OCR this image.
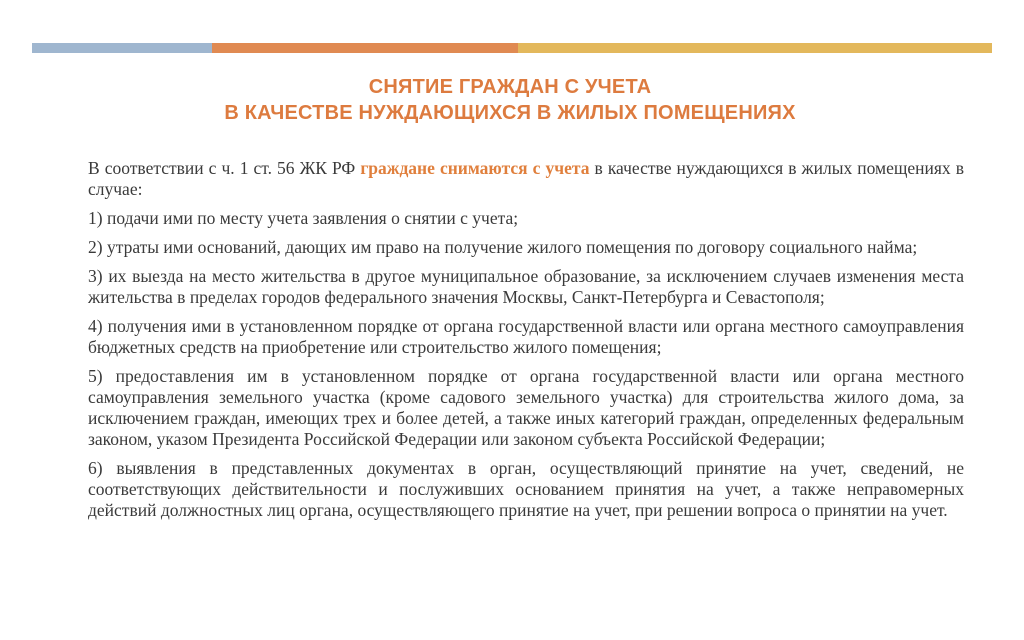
СНЯТИЕ ГРАЖДАН С УЧЕТА
В КАЧЕСТВЕ НУЖДАЮЩИХСЯ В ЖИЛЫХ ПОМЕЩЕНИЯХ

В соответствии с ч. 1 ст. 56 ЖК РФ граждане снимаются с учета в качестве нуждающихся в жилых помещениях в случае:

1) подачи ими по месту учета заявления о снятии с учета;

2) утраты ими оснований, дающих им право на получение жилого помещения по договору социального найма;

3) их выезда на место жительства в другое муниципальное образование, за исключением случаев изменения места жительства в пределах городов федерального значения Москвы, Санкт-Петербурга и Севастополя;

4) получения ими в установленном порядке от органа государственной власти или органа местного самоуправления бюджетных средств на приобретение или строительство жилого помещения;

5) предоставления им в установленном порядке от органа государственной власти или органа местного самоуправления земельного участка (кроме садового земельного участка) для строительства жилого дома, за исключением граждан, имеющих трех и более детей, а также иных категорий граждан, определенных федеральным законом, указом Президента Российской Федерации или законом субъекта Российской Федерации;

6) выявления в представленных документах в орган, осуществляющий принятие на учет, сведений, не соответствующих действительности и послуживших основанием принятия на учет, а также неправомерных действий должностных лиц органа, осуществляющего принятие на учет, при решении вопроса о принятии на учет.
